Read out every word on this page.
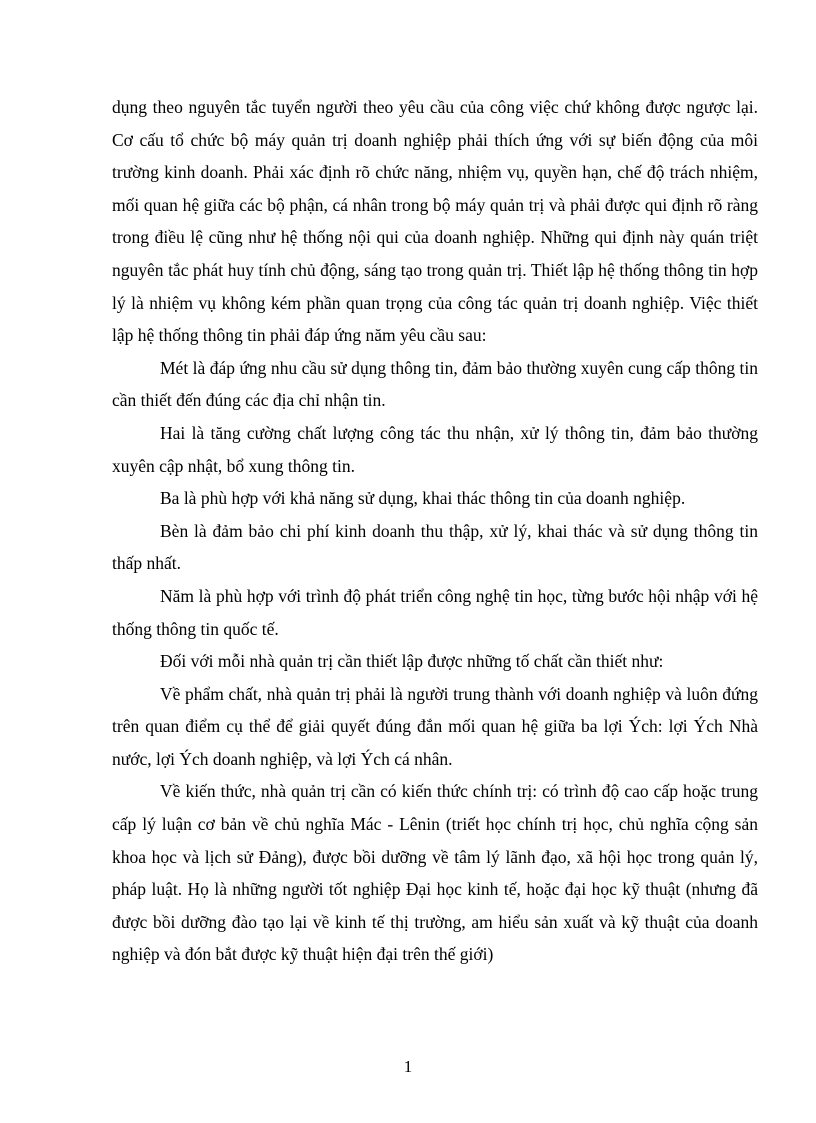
dụng theo nguyên tắc tuyển người theo yêu cầu của công việc chứ không được ngược lại. Cơ cấu tổ chức bộ máy quản trị doanh nghiệp phải thích ứng với sự biến động của môi trường kinh doanh. Phải xác định rõ chức năng, nhiệm vụ, quyền hạn, chế độ trách nhiệm, mối quan hệ giữa các bộ phận, cá nhân trong bộ máy quản trị và phải được qui định rõ ràng trong điều lệ cũng như hệ thống nội qui của doanh nghiệp. Những qui định này quán triệt nguyên tắc phát huy tính chủ động, sáng tạo trong quản trị. Thiết lập hệ thống thông tin hợp lý là nhiệm vụ không kém phần quan trọng của công tác quản trị doanh nghiệp. Việc thiết lập hệ thống thông tin phải đáp ứng năm yêu cầu sau:

Mét là đáp ứng nhu cầu sử dụng thông tin, đảm bảo thường xuyên cung cấp thông tin cần thiết đến đúng các địa chỉ nhận tin.

Hai là tăng cường chất lượng công tác thu nhận, xử lý thông tin, đảm bảo thường xuyên cập nhật, bổ xung thông tin.

Ba là phù hợp với khả năng sử dụng, khai thác thông tin của doanh nghiệp.

Bèn là đảm bảo chi phí kinh doanh thu thập, xử lý, khai thác và sử dụng thông tin thấp nhất.

Năm là phù hợp với trình độ phát triển công nghệ tin học, từng bước hội nhập với hệ thống thông tin quốc tế.

Đối với mỗi nhà quản trị cần thiết lập được những tố chất cần thiết như:

Về phẩm chất, nhà quản trị phải là người trung thành với doanh nghiệp và luôn đứng trên quan điểm cụ thể để giải quyết đúng đắn mối quan hệ giữa ba lợi Ých: lợi Ých Nhà nước, lợi Ých doanh nghiệp, và lợi Ých cá nhân.

Về kiến thức, nhà quản trị cần có kiến thức chính trị: có trình độ cao cấp hoặc trung cấp lý luận cơ bản về chủ nghĩa Mác - Lênin (triết học chính trị học, chủ nghĩa cộng sản khoa học và lịch sử Đảng), được bồi dưỡng về tâm lý lãnh đạo, xã hội học trong quản lý, pháp luật. Họ là những người tốt nghiệp Đại học kinh tế, hoặc đại học kỹ thuật (nhưng đã được bồi dưỡng đào tạo lại về kinh tế thị trường, am hiểu sản xuất và kỹ thuật của doanh nghiệp và đón bắt được kỹ thuật hiện đại trên thế giới)

1
